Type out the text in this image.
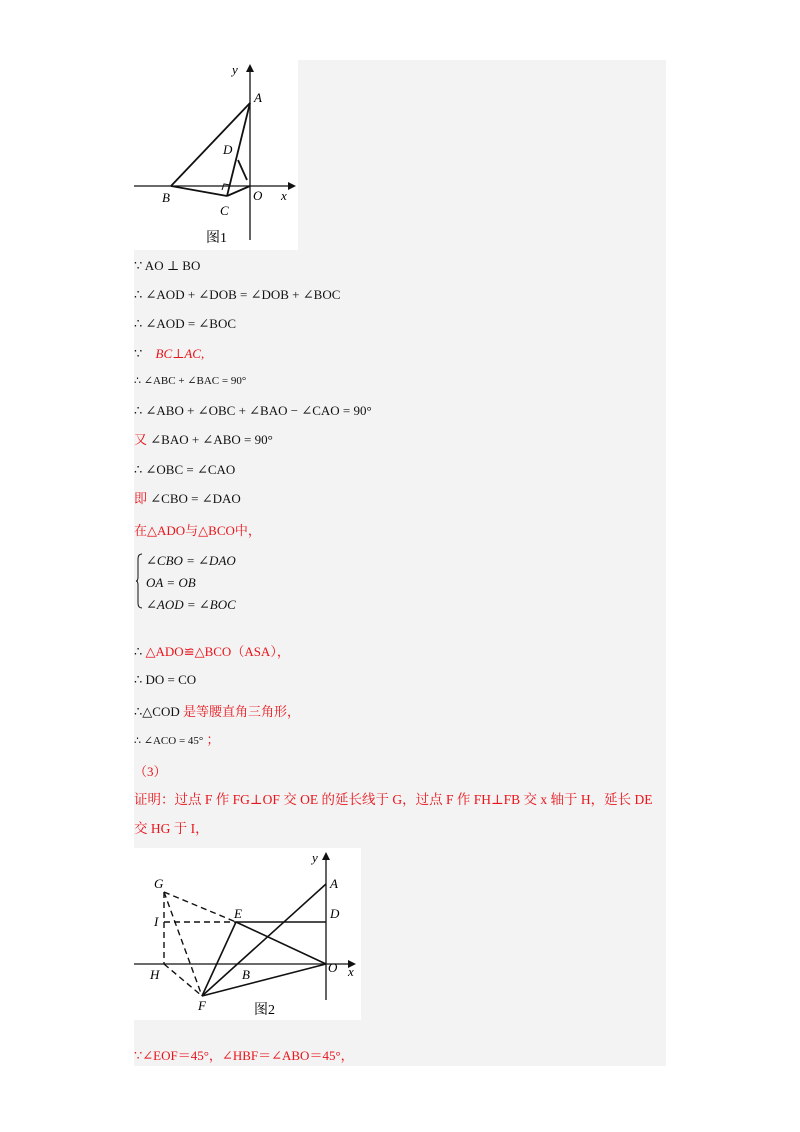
y
A
D
B
C
O x
图1
∵ AO ⊥ BO
∴ ∠AOD + ∠DOB = ∠DOB + ∠BOC
∴ ∠AOD = ∠BOC
∵ BC⊥AC,
∴ ∠ABC + ∠BAC = 90°
∴ ∠ABO + ∠OBC + ∠BAO − ∠CAO = 90°
又 ∠BAO + ∠ABO = 90°
∴ ∠OBC = ∠CAO
即 ∠CBO = ∠DAO
在△ADO与△BCO中，
∠CBO = ∠DAO
OA = OB
∠AOD = ∠BOC
∴ △ADO≌△BCO（ASA），
∴ DO = CO
∴△COD 是等腰直角三角形，
∴ ∠ACO = 45° ；
（3）
证明：过点 F 作 FG⊥OF 交 OE 的延长线于 G，过点 F 作 FH⊥FB 交 x 轴于 H，延长 DE
交 HG 于 I，
y
A
G
E	D
I
H	B	O x
F	图2
∵∠EOF＝45°，∠HBF＝∠ABO＝45°，
